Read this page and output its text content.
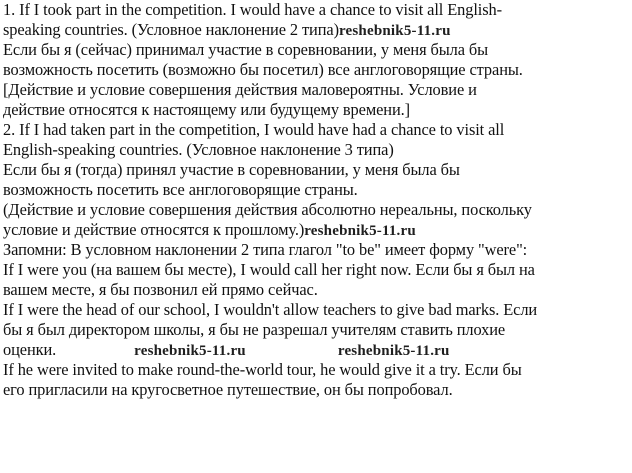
1. If I took part in the competition. I would have a chance to visit all English-
speaking countries. (Условное наклонение 2 типа)reshebnik5-11.ru
Если бы я (сейчас) принимал участие в соревновании, у меня была бы
возможность посетить (возможно бы посетил) все англоговорящие страны.
[Действие и условие совершения действия маловероятны. Условие и
действие относятся к настоящему или будущему времени.]
2. If I had taken part in the competition, I would have had a chance to visit all
English-speaking countries. (Условное наклонение 3 типа)
Если бы я (тогда) принял участие в соревновании, у меня была бы
возможность посетить все англоговорящие страны.
(Действие и условие совершения действия абсолютно нереальны, поскольку
условие и действие относятся к прошлому.)reshebnik5-11.ru
Запомни: В условном наклонении 2 типа глагол "to be" имеет форму "were":
If I were you (на вашем бы месте), I would call her right now. Если бы я был на
вашем месте, я бы позвонил ей прямо сейчас.
If I were the head of our school, I wouldn't allow teachers to give bad marks. Если
бы я был директором школы, я бы не разрешал учителям ставить плохие
оценки.	reshebnik5-11.ru	reshebnik5-11.ru
If he were invited to make round-the-world tour, he would give it a try. Если бы
его пригласили на кругосветное путешествие, он бы попробовал.
